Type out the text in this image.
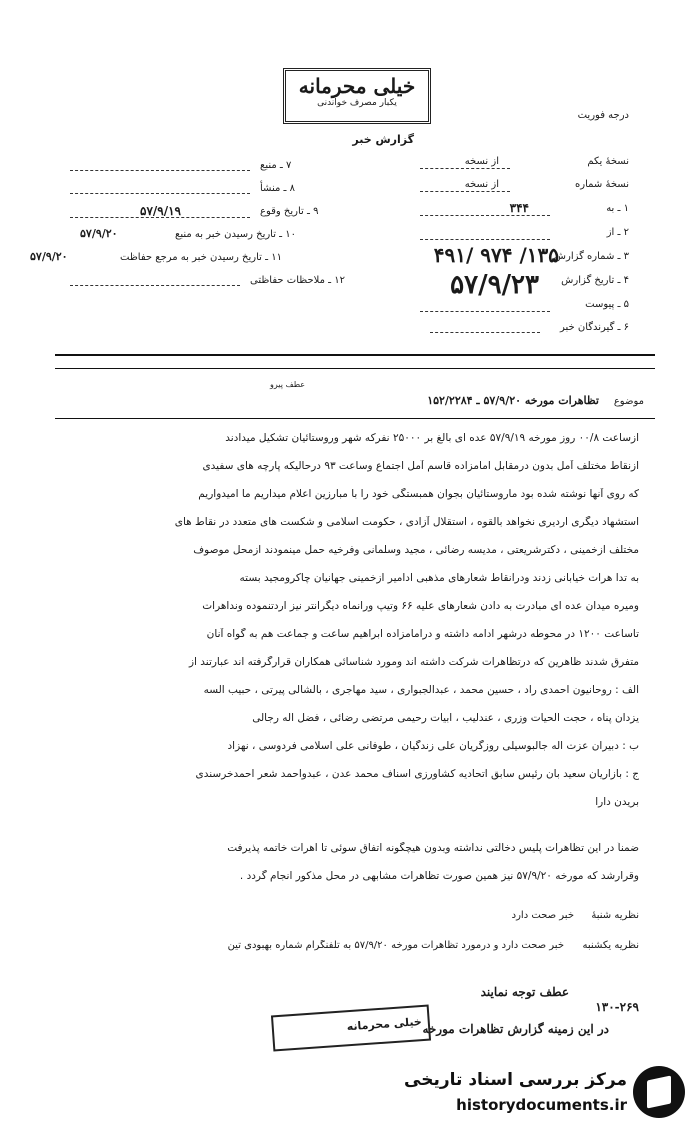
خیلی محرمانه
یکبار مصرف خواندنی
درجه فوریت
گزارش خبر
نسخهٔ یکم
از نسخه
نسخهٔ شماره
از نسخه
۱ ـ به
۳۴۴
۲ ـ از
۳ ـ شماره گزارش
۱۳۵/ ۹۷۴ /۴۹۱
۴ ـ تاریخ گزارش
۵۷/۹/۲۳
۵ ـ پیوست
۶ ـ گیرندگان خبر
۷ ـ منبع
۸ ـ منشأ
۹ ـ تاریخ وقوع
۵۷/۹/۱۹
۱۰ ـ تاریخ رسیدن خبر به منبع
۵۷/۹/۲۰
۱۱ ـ تاریخ رسیدن خبر به مرجع حفاظت
۵۷/۹/۲۰
۱۲ ـ ملاحظات حفاظتی
موضوع
تظاهرات مورخه ۵۷/۹/۲۰ ـ ۱۵۲/۲۲۸۴
عطف پیرو
ازساعت ۰۰/۸ روز مورخه ۵۷/۹/۱۹ عده ای بالغ بر ۲۵۰۰۰ نفرکه شهر وروستائیان تشکیل میدادند
ازنقاط مختلف آمل بدون درمقابل امامزاده قاسم آمل اجتماع وساعت ۹۳ درحالیکه پارچه های سفیدی
که روی آنها نوشته شده بود ماروستائیان بجوان همبستگی خود را با مبارزین اعلام میداریم ما امیدواریم
استشهاد دیگری اردیری نخواهد بالقوه ، استقلال آزادی ، حکومت اسلامی و شکست های متعدد در نقاط های
مختلف ازخمینی ، دکترشریعتی ، مدیسه رضائی ، مجید وسلمانی وفرخیه حمل مینمودند ازمحل موصوف
به تدا هرات خیابانی زدند ودرانقاط شعارهای مذهبی ادامیر ازخمینی جهانیان چاکرومجید بسته
ومیره میدان عده ای مبادرت به دادن شعارهای علیه ۶۶ وتیپ ورانماه دیگرانتر نیز اردتنموده ونداهرات
تاساعت ۱۲۰۰ در محوطه درشهر ادامه داشته و درامامزاده ابراهیم ساعت و جماعت هم به گواه آنان
متفرق شدند ظاهرین که درتظاهرات شرکت داشته اند ومورد شناسائی همکاران قرارگرفته اند عبارتند از
الف : روحانیون احمدی راد ، حسین محمد ، عبدالجبواری ، سید مهاجری ، بالشالی پیرتی ، حبیب السه
یزدان پناه ، حجت الحیات وزری ، عندلیب ، ابیات رحیمی مرتضی رضائی ، فضل اله رجالی
ب : دبیران عزت اله جالبوسیلی روزگریان علی زندگیان ، طوفانی علی اسلامی فردوسی ، نهزاد
ج : بازاریان سعید بان رئیس سابق اتحادیه کشاورزی اسناف محمد عدن ، عبدواحمد شعر احمدخرسندی
بریدن دارا
ضمناً در این تظاهرات پلیس دخالتی نداشته وبدون هیچگونه اتفاق سوئی تا اهرات خاتمه پذیرفت
وقرارشد که مورخه ۵۷/۹/۲۰ نیز همین صورت تظاهرات مشابهی در محل مذکور انجام گردد .
نظریه شنبهٔ
خبر صحت دارد
نظریه یکشنبه
خبر صحت دارد و درمورد تظاهرات مورخه ۵۷/۹/۲۰ به تلفنگرام شماره بهبودی تین
۱۳۰-۲۶۹
عطف توجه نمایند
در این زمینه گزارش تظاهرات مورخه
خیلی محرمانه
مرکز بررسی اسناد تاریخی
historydocuments.ir
